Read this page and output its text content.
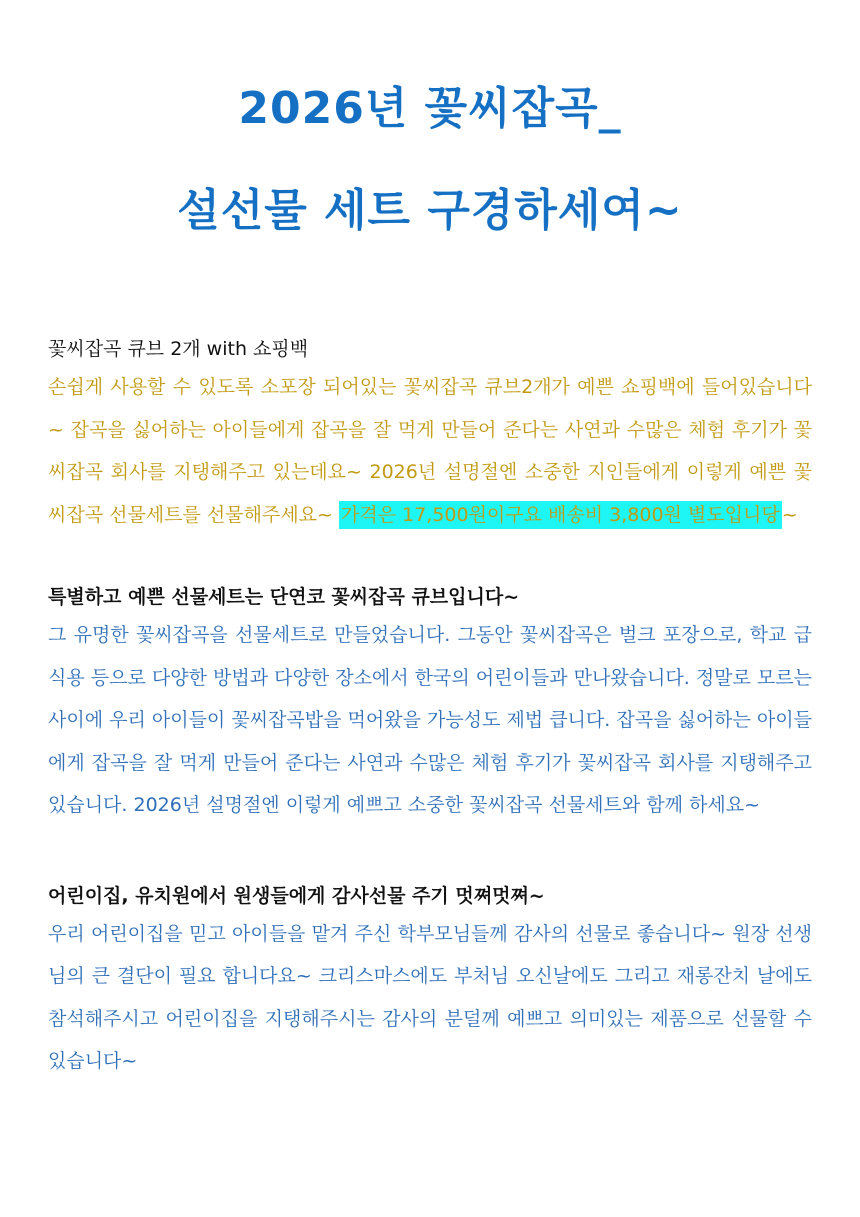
2026년 꽃씨잡곡_
설선물 세트 구경하세여~

꽃씨잡곡 큐브 2개 with 쇼핑백

손쉽게 사용할 수 있도록 소포장 되어있는 꽃씨잡곡 큐브2개가 예쁜 쇼핑백에 들어있습니다~ 잡곡을 싫어하는 아이들에게 잡곡을 잘 먹게 만들어 준다는 사연과 수많은 체험 후기가 꽃씨잡곡 회사를 지탱해주고 있는데요~ 2026년 설명절엔 소중한 지인들에게 이렇게 예쁜 꽃씨잡곡 선물세트를 선물해주세요~ 가격은 17,500원이구요 배송비 3,800원 별도입니당 ~

특별하고 예쁜 선물세트는 단연코 꽃씨잡곡 큐브입니다~

그 유명한 꽃씨잡곡을 선물세트로 만들었습니다. 그동안 꽃씨잡곡은 벌크 포장으로, 학교 급식용 등으로 다양한 방법과 다양한 장소에서 한국의 어린이들과 만나왔습니다. 정말로 모르는 사이에 우리 아이들이 꽃씨잡곡밥을 먹어왔을 가능성도 제법 큽니다. 잡곡을 싫어하는 아이들에게 잡곡을 잘 먹게 만들어 준다는 사연과 수많은 체험 후기가 꽃씨잡곡 회사를 지탱해주고 있습니다. 2026년 설명절엔 이렇게 예쁘고 소중한 꽃씨잡곡 선물세트와 함께 하세요~

어린이집, 유치원에서 원생들에게 감사선물 주기 멋쪄멋쪄~

우리 어린이집을 믿고 아이들을 맡겨 주신 학부모님들께 감사의 선물로 좋습니다~ 원장 선생님의 큰 결단이 필요 합니다요~ 크리스마스에도 부처님 오신날에도 그리고 재롱잔치 날에도 참석해주시고 어린이집을 지탱해주시는 감사의 분덜께 예쁘고 의미있는 제품으로 선물할 수 있습니다~
